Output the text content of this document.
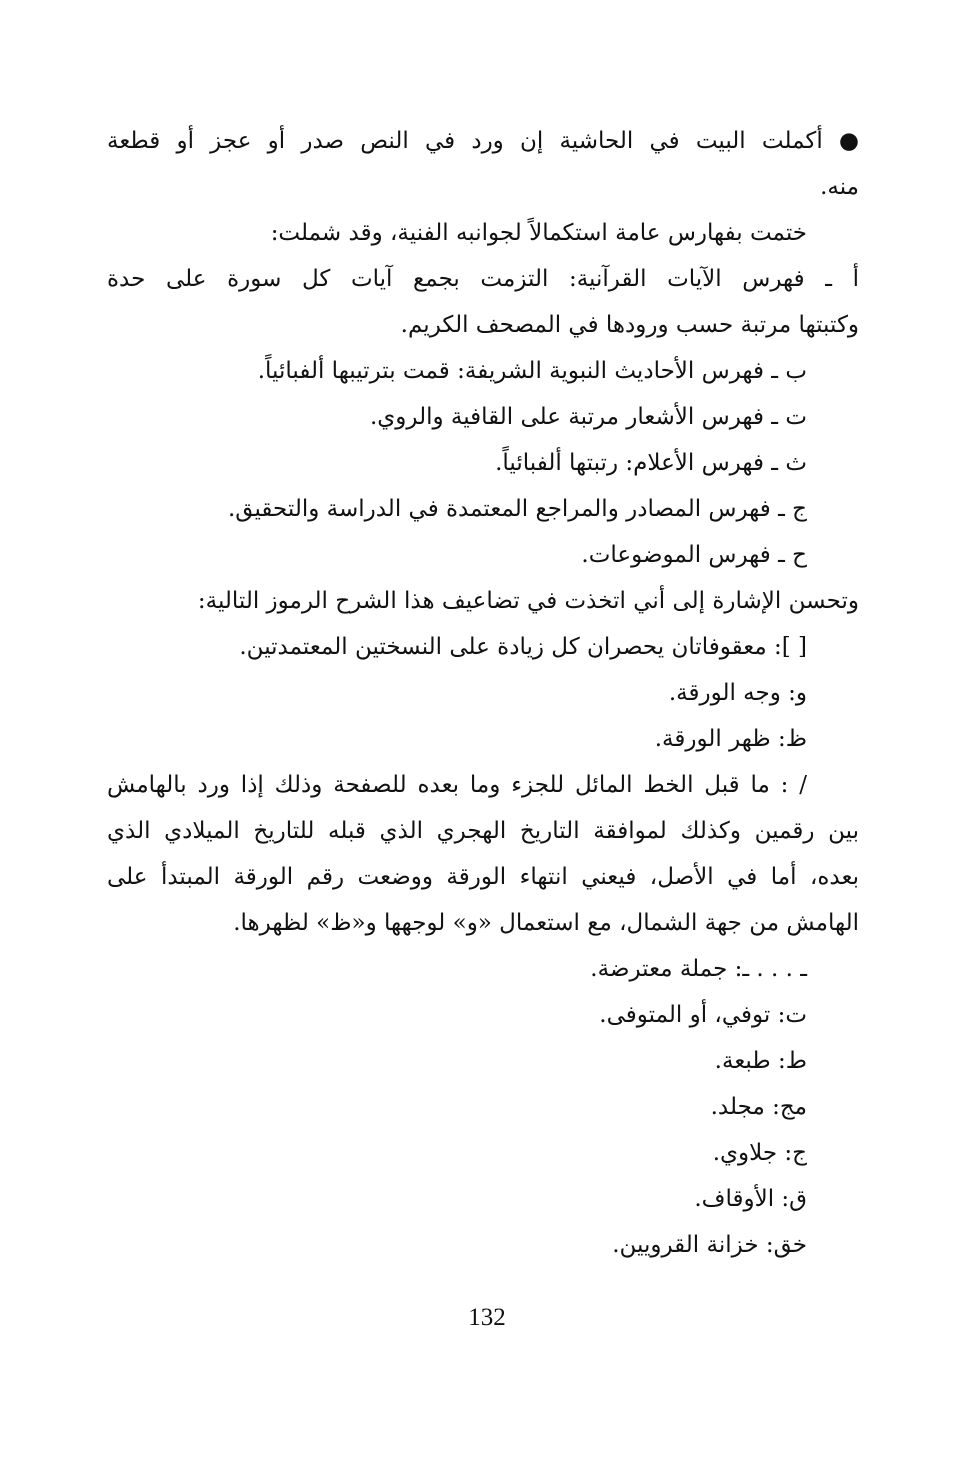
● أكملت البيت في الحاشية إن ورد في النص صدر أو عجز أو قطعة

منه.

ختمت بفهارس عامة استكمالاً لجوانبه الفنية، وقد شملت:

أ ـ فهرس الآيات القرآنية: التزمت بجمع آيات كل سورة على حدة

وكتبتها مرتبة حسب ورودها في المصحف الكريم.

ب ـ فهرس الأحاديث النبوية الشريفة: قمت بترتيبها ألفبائياً.

ت ـ فهرس الأشعار مرتبة على القافية والروي.

ث ـ فهرس الأعلام: رتبتها ألفبائياً.

ج ـ فهرس المصادر والمراجع المعتمدة في الدراسة والتحقيق.

ح ـ فهرس الموضوعات.

وتحسن الإشارة إلى أني اتخذت في تضاعيف هذا الشرح الرموز التالية:

[ ]: معقوفاتان يحصران كل زيادة على النسختين المعتمدتين.

و: وجه الورقة.

ظ: ظهر الورقة.

/ : ما قبل الخط المائل للجزء وما بعده للصفحة وذلك إذا ورد بالهامش

بين رقمين وكذلك لموافقة التاريخ الهجري الذي قبله للتاريخ الميلادي الذي

بعده، أما في الأصل، فيعني انتهاء الورقة ووضعت رقم الورقة المبتدأ على

الهامش من جهة الشمال، مع استعمال «و» لوجهها و«ظ» لظهرها.

ـ . . . ـ: جملة معترضة.

ت: توفي، أو المتوفى.

ط: طبعة.

مج: مجلد.

ج: جلاوي.

ق: الأوقاف.

خق: خزانة القرويين.

132
